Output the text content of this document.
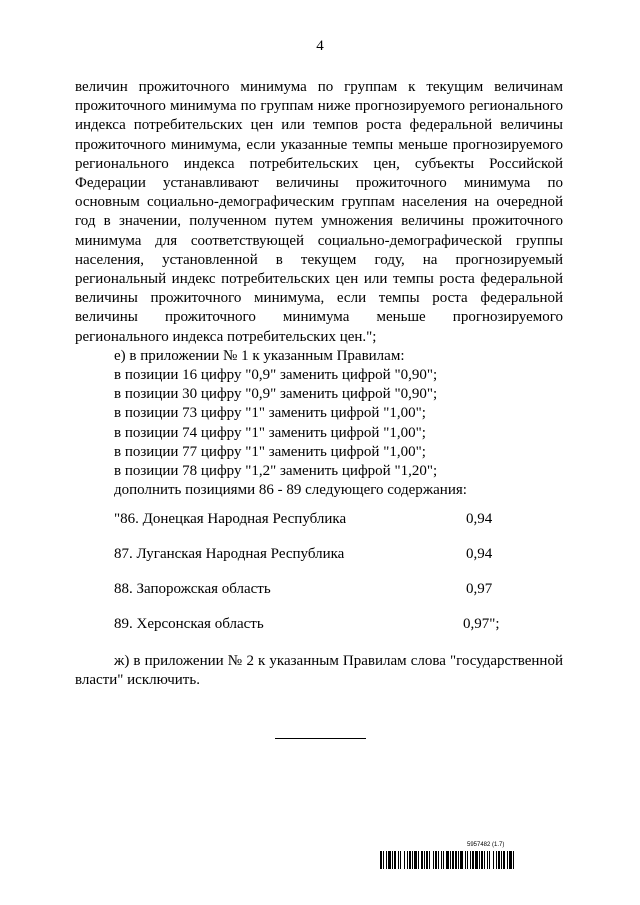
4

величин прожиточного минимума по группам к текущим величинам прожиточного минимума по группам ниже прогнозируемого регионального индекса потребительских цен или темпов роста федеральной величины прожиточного минимума, если указанные темпы меньше прогнозируемого регионального индекса потребительских цен, субъекты Российской Федерации устанавливают величины прожиточного минимума по основным социально-демографическим группам населения на очередной год в значении, полученном путем умножения величины прожиточного минимума для соответствующей социально-демографической группы населения, установленной в текущем году, на прогнозируемый региональный индекс потребительских цен или темпы роста федеральной величины прожиточного минимума, если темпы роста федеральной величины прожиточного минимума меньше прогнозируемого регионального индекса потребительских цен.";

е) в приложении № 1 к указанным Правилам:

в позиции 16 цифру "0,9" заменить цифрой "0,90";

в позиции 30 цифру "0,9" заменить цифрой "0,90";

в позиции 73 цифру "1" заменить цифрой "1,00";

в позиции 74 цифру "1" заменить цифрой "1,00";

в позиции 77 цифру "1" заменить цифрой "1,00";

в позиции 78 цифру "1,2" заменить цифрой "1,20";

дополнить позициями 86 - 89 следующего содержания:

"86. Донецкая Народная Республика	0,94
87. Луганская Народная Республика	0,94
88. Запорожская область	0,97
89. Херсонская область	0,97";

ж) в приложении № 2 к указанным Правилам слова "государственной власти" исключить.

5957482 (1.7)
